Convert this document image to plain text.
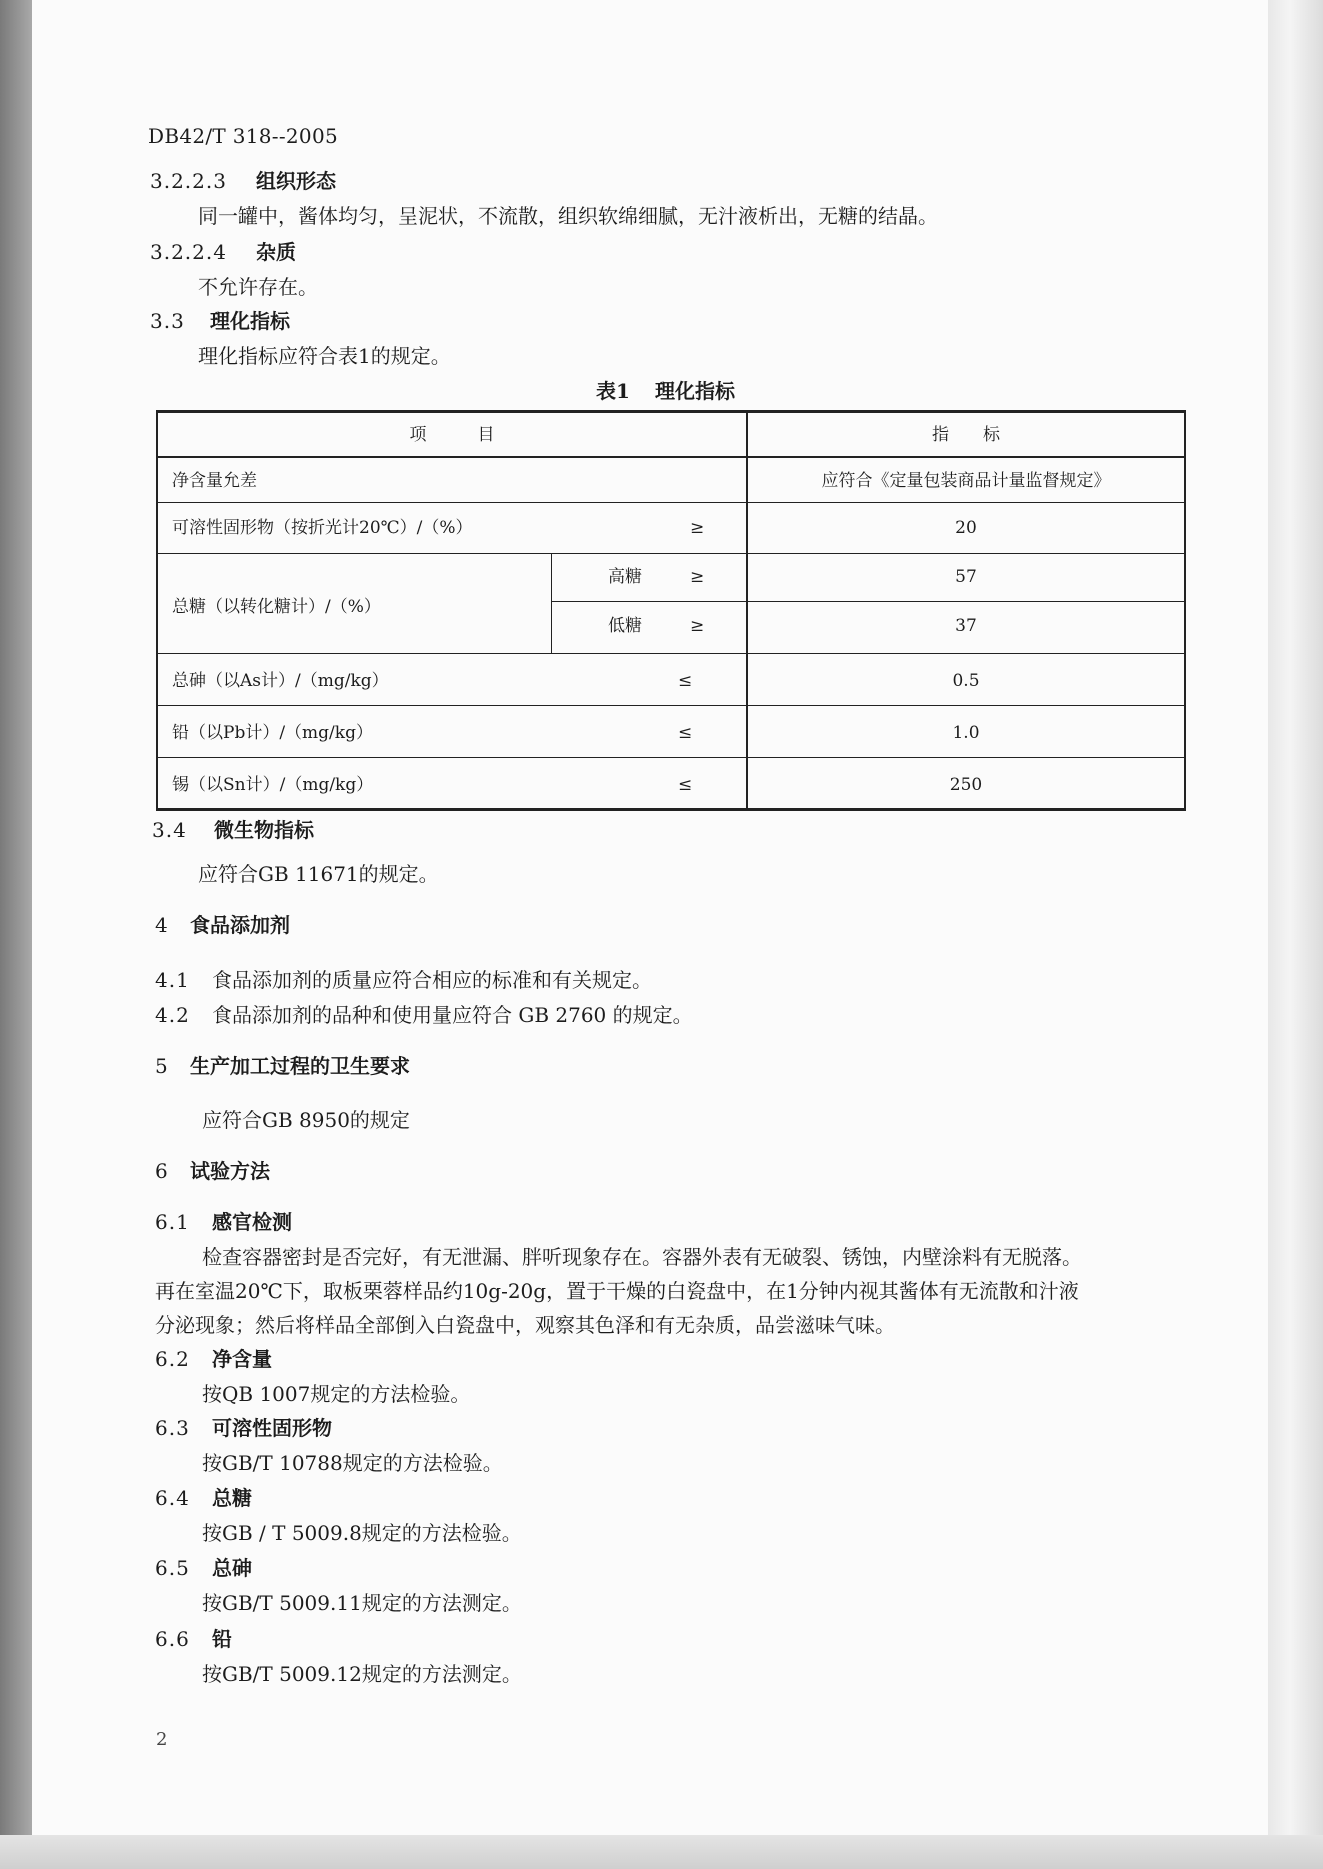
DB42/T 318--2005
3.2.2.3 组织形态
同一罐中，酱体均匀，呈泥状，不流散，组织软绵细腻，无汁液析出，无糖的结晶。
3.2.2.4 杂质
不允许存在。
3.3 理化指标
理化指标应符合表1的规定。
表1 理化指标
项　　　目	指　　标
净含量允差	应符合《定量包装商品计量监督规定》
可溶性固形物（按折光计20℃）/（%）	≥	20
总糖（以转化糖计）/（%）
高糖	≥	57
低糖	≥	37
总砷（以As计）/（mg/kg）	≤	0.5
铅（以Pb计）/（mg/kg）	≤	1.0
锡（以Sn计）/（mg/kg）	≤	250
3.4 微生物指标
应符合GB 11671的规定。
4 食品添加剂
4.1 食品添加剂的质量应符合相应的标准和有关规定。
4.2 食品添加剂的品种和使用量应符合 GB 2760 的规定。
5 生产加工过程的卫生要求
应符合GB 8950的规定
6 试验方法
6.1 感官检测
检查容器密封是否完好，有无泄漏、胖听现象存在。容器外表有无破裂、锈蚀，内壁涂料有无脱落。
再在室温20℃下，取板栗蓉样品约10g-20g，置于干燥的白瓷盘中，在1分钟内视其酱体有无流散和汁液
分泌现象；然后将样品全部倒入白瓷盘中，观察其色泽和有无杂质，品尝滋味气味。
6.2 净含量
按QB 1007规定的方法检验。
6.3 可溶性固形物
按GB/T 10788规定的方法检验。
6.4 总糖
按GB / T 5009.8规定的方法检验。
6.5 总砷
按GB/T 5009.11规定的方法测定。
6.6 铅
按GB/T 5009.12规定的方法测定。
2
